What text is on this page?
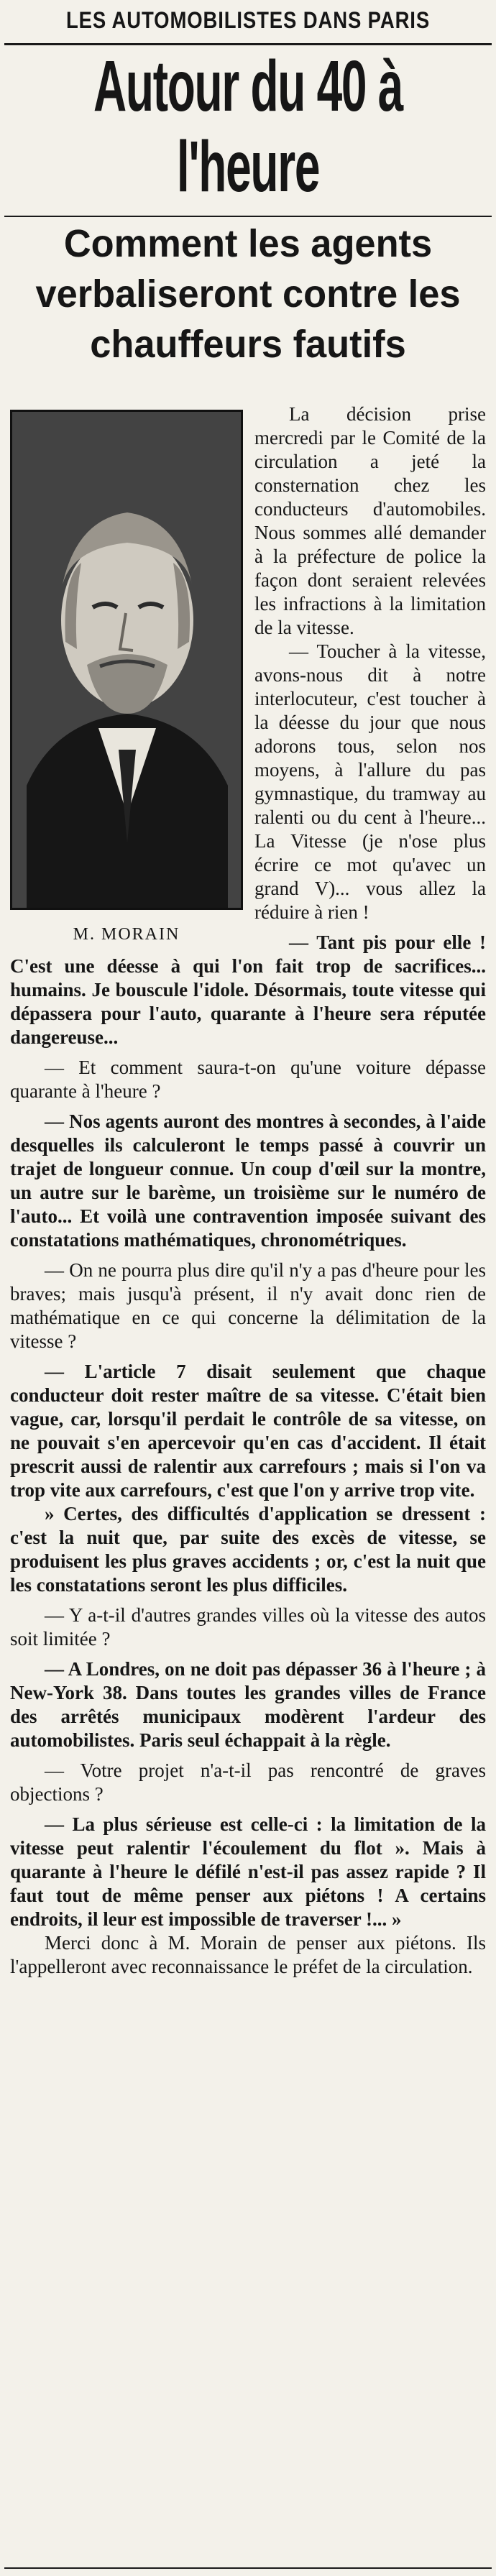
LES AUTOMOBILISTES DANS PARIS
Autour du 40 à l'heure
Comment les agents verbaliseront contre les chauffeurs fautifs
M. MORAIN

La décision prise mercredi par le Comité de la circulation a jeté la consternation chez les conducteurs d'automobiles. Nous sommes allé demander à la préfecture de police la façon dont seraient relevées les infractions à la limitation de la vitesse.

— Toucher à la vitesse, avons-nous dit à notre interlocuteur, c'est toucher à la déesse du jour que nous adorons tous, selon nos moyens, à l'allure du pas gymnastique, du tramway au ralenti ou du cent à l'heure... La Vitesse (je n'ose plus écrire ce mot qu'avec un grand V)... vous allez la réduire à rien !

— Tant pis pour elle ! C'est une déesse à qui l'on fait trop de sacrifices... humains. Je bouscule l'idole. Désormais, toute vitesse qui dépassera pour l'auto, quarante à l'heure sera réputée dangereuse...

— Et comment saura-t-on qu'une voiture dépasse quarante à l'heure ?

— Nos agents auront des montres à secondes, à l'aide desquelles ils calculeront le temps passé à couvrir un trajet de longueur connue. Un coup d'œil sur la montre, un autre sur le barème, un troisième sur le numéro de l'auto... Et voilà une contravention imposée suivant des constatations mathématiques, chronométriques.

— On ne pourra plus dire qu'il n'y a pas d'heure pour les braves; mais jusqu'à présent, il n'y avait donc rien de mathématique en ce qui concerne la délimitation de la vitesse ?

— L'article 7 disait seulement que chaque conducteur doit rester maître de sa vitesse. C'était bien vague, car, lorsqu'il perdait le contrôle de sa vitesse, on ne pouvait s'en apercevoir qu'en cas d'accident. Il était prescrit aussi de ralentir aux carrefours ; mais si l'on va trop vite aux carrefours, c'est que l'on y arrive trop vite.

» Certes, des difficultés d'application se dressent : c'est la nuit que, par suite des excès de vitesse, se produisent les plus graves accidents ; or, c'est la nuit que les constatations seront les plus difficiles.

— Y a-t-il d'autres grandes villes où la vitesse des autos soit limitée ?

— A Londres, on ne doit pas dépasser 36 à l'heure ; à New-York 38. Dans toutes les grandes villes de France des arrêtés municipaux modèrent l'ardeur des automobilistes. Paris seul échappait à la règle.

— Votre projet n'a-t-il pas rencontré de graves objections ?

— La plus sérieuse est celle-ci : la limitation de la vitesse peut ralentir l'écoulement du flot ». Mais à quarante à l'heure le défilé n'est-il pas assez rapide ? Il faut tout de même penser aux piétons ! A certains endroits, il leur est impossible de traverser !... »

Merci donc à M. Morain de penser aux piétons. Ils l'appelleront avec reconnaissance le préfet de la circulation.
